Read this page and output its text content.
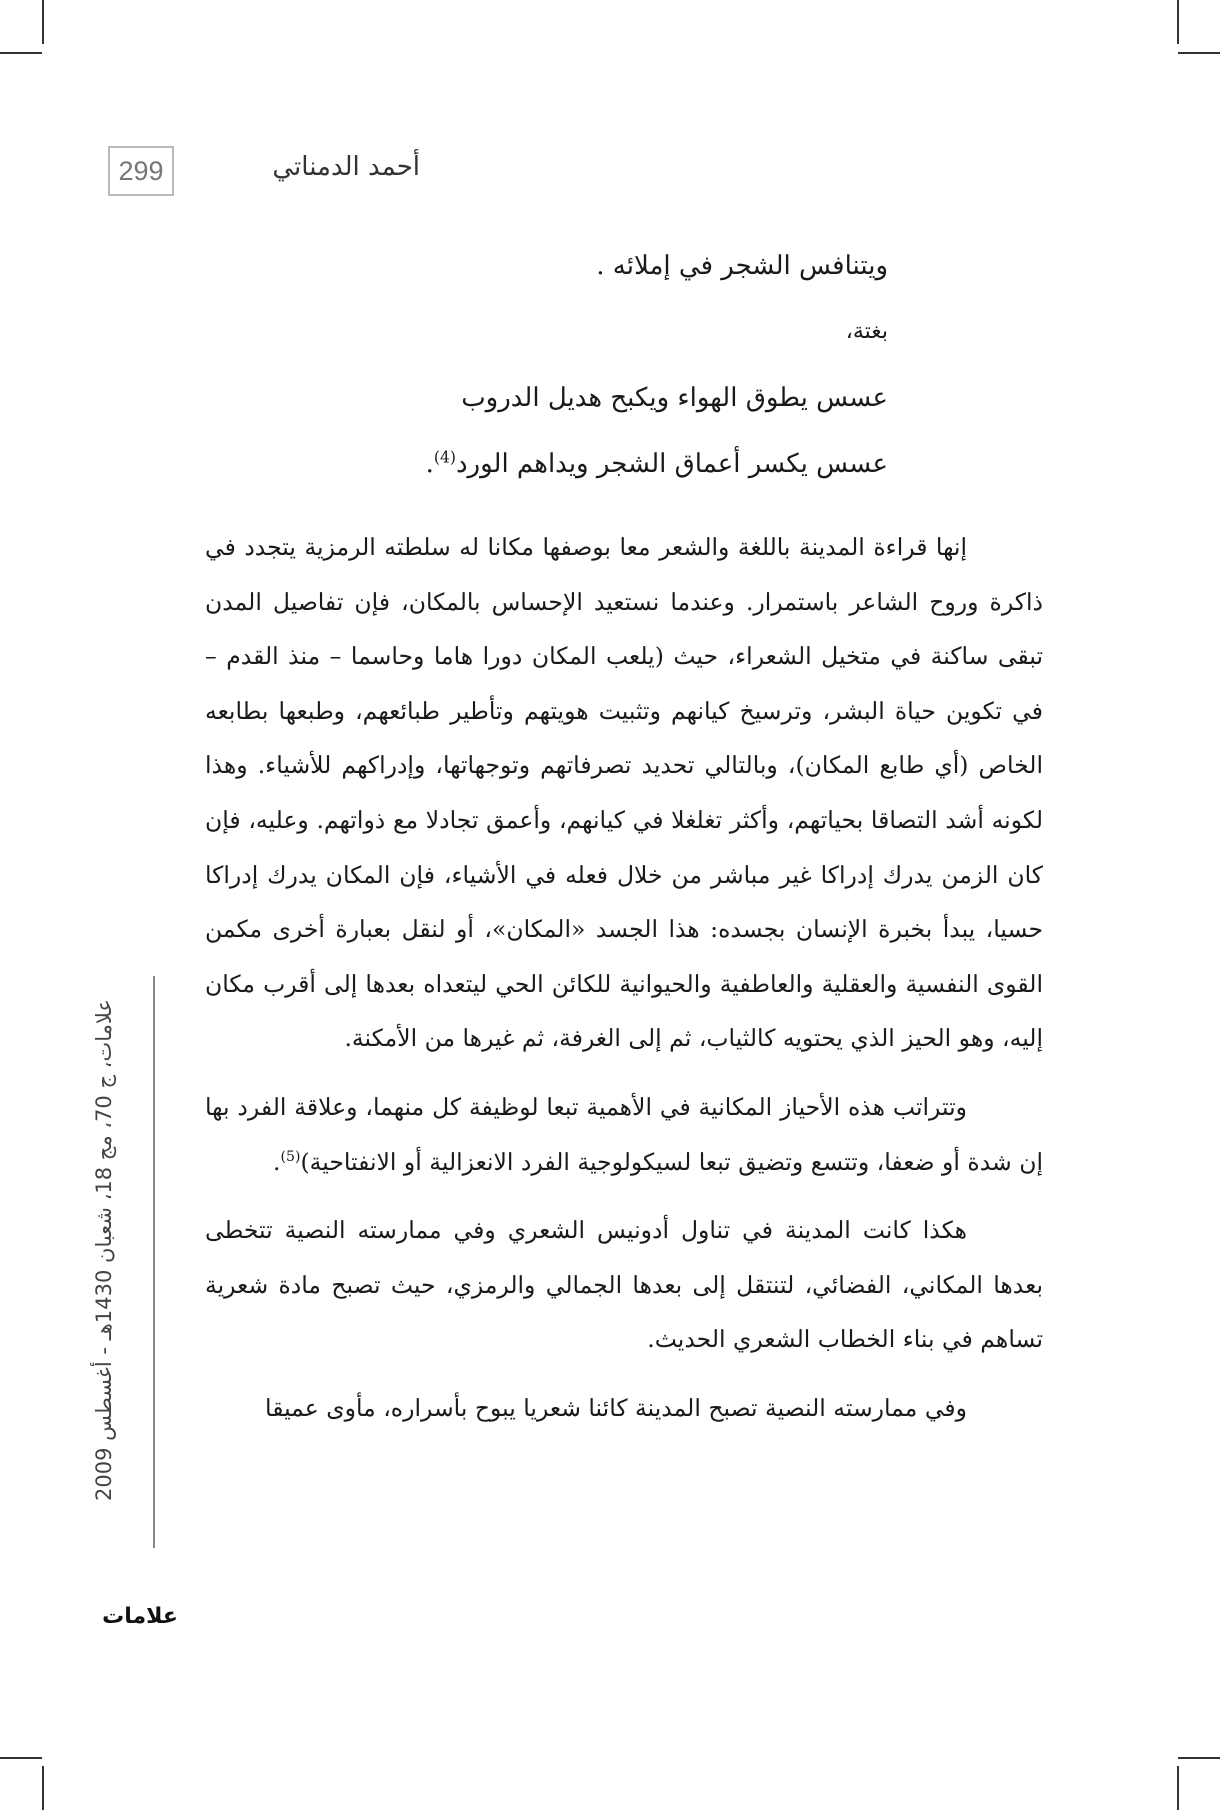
299	أحمد الدمناتي
ويتنافس الشجر في إملائه .
بغتة،
عسس يطوق الهواء ويكبح هديل الدروب
عسس يكسر أعماق الشجر ويداهم الورد$^{(4)}$.

إنها قراءة المدينة باللغة والشعر معا بوصفها مكانا له سلطته الرمزية يتجدد في ذاكرة وروح الشاعر باستمرار. وعندما نستعيد الإحساس بالمكان، فإن تفاصيل المدن تبقى ساكنة في متخيل الشعراء، حيث (يلعب المكان دورا هاما وحاسما – منذ القدم – في تكوين حياة البشر، وترسيخ كيانهم وتثبيت هويتهم وتأطير طبائعهم، وطبعها بطابعه الخاص (أي طابع المكان)، وبالتالي تحديد تصرفاتهم وتوجهاتها، وإدراكهم للأشياء. وهذا لكونه أشد التصاقا بحياتهم، وأكثر تغلغلا في كيانهم، وأعمق تجادلا مع ذواتهم. وعليه، فإن كان الزمن يدرك إدراكا غير مباشر من خلال فعله في الأشياء، فإن المكان يدرك إدراكا حسيا، يبدأ بخبرة الإنسان بجسده: هذا الجسد «المكان»، أو لنقل بعبارة أخرى مكمن القوى النفسية والعقلية والعاطفية والحيوانية للكائن الحي ليتعداه بعدها إلى أقرب مكان إليه، وهو الحيز الذي يحتويه كالثياب، ثم إلى الغرفة، ثم غيرها من الأمكنة.

وتتراتب هذه الأحياز المكانية في الأهمية تبعا لوظيفة كل منهما، وعلاقة الفرد بها إن شدة أو ضعفا، وتتسع وتضيق تبعا لسيكولوجية الفرد الانعزالية أو الانفتاحية)$^{(5)}$.

هكذا كانت المدينة في تناول أدونيس الشعري وفي ممارسته النصية تتخطى بعدها المكاني، الفضائي، لتنتقل إلى بعدها الجمالي والرمزي، حيث تصبح مادة شعرية تساهم في بناء الخطاب الشعري الحديث.

وفي ممارسته النصية تصبح المدينة كائنا شعريا يبوح بأسراره، مأوى عميقا

علامات، ج 70، مج 18، شعبان 1430هـ - أغسطس 2009
علامات
